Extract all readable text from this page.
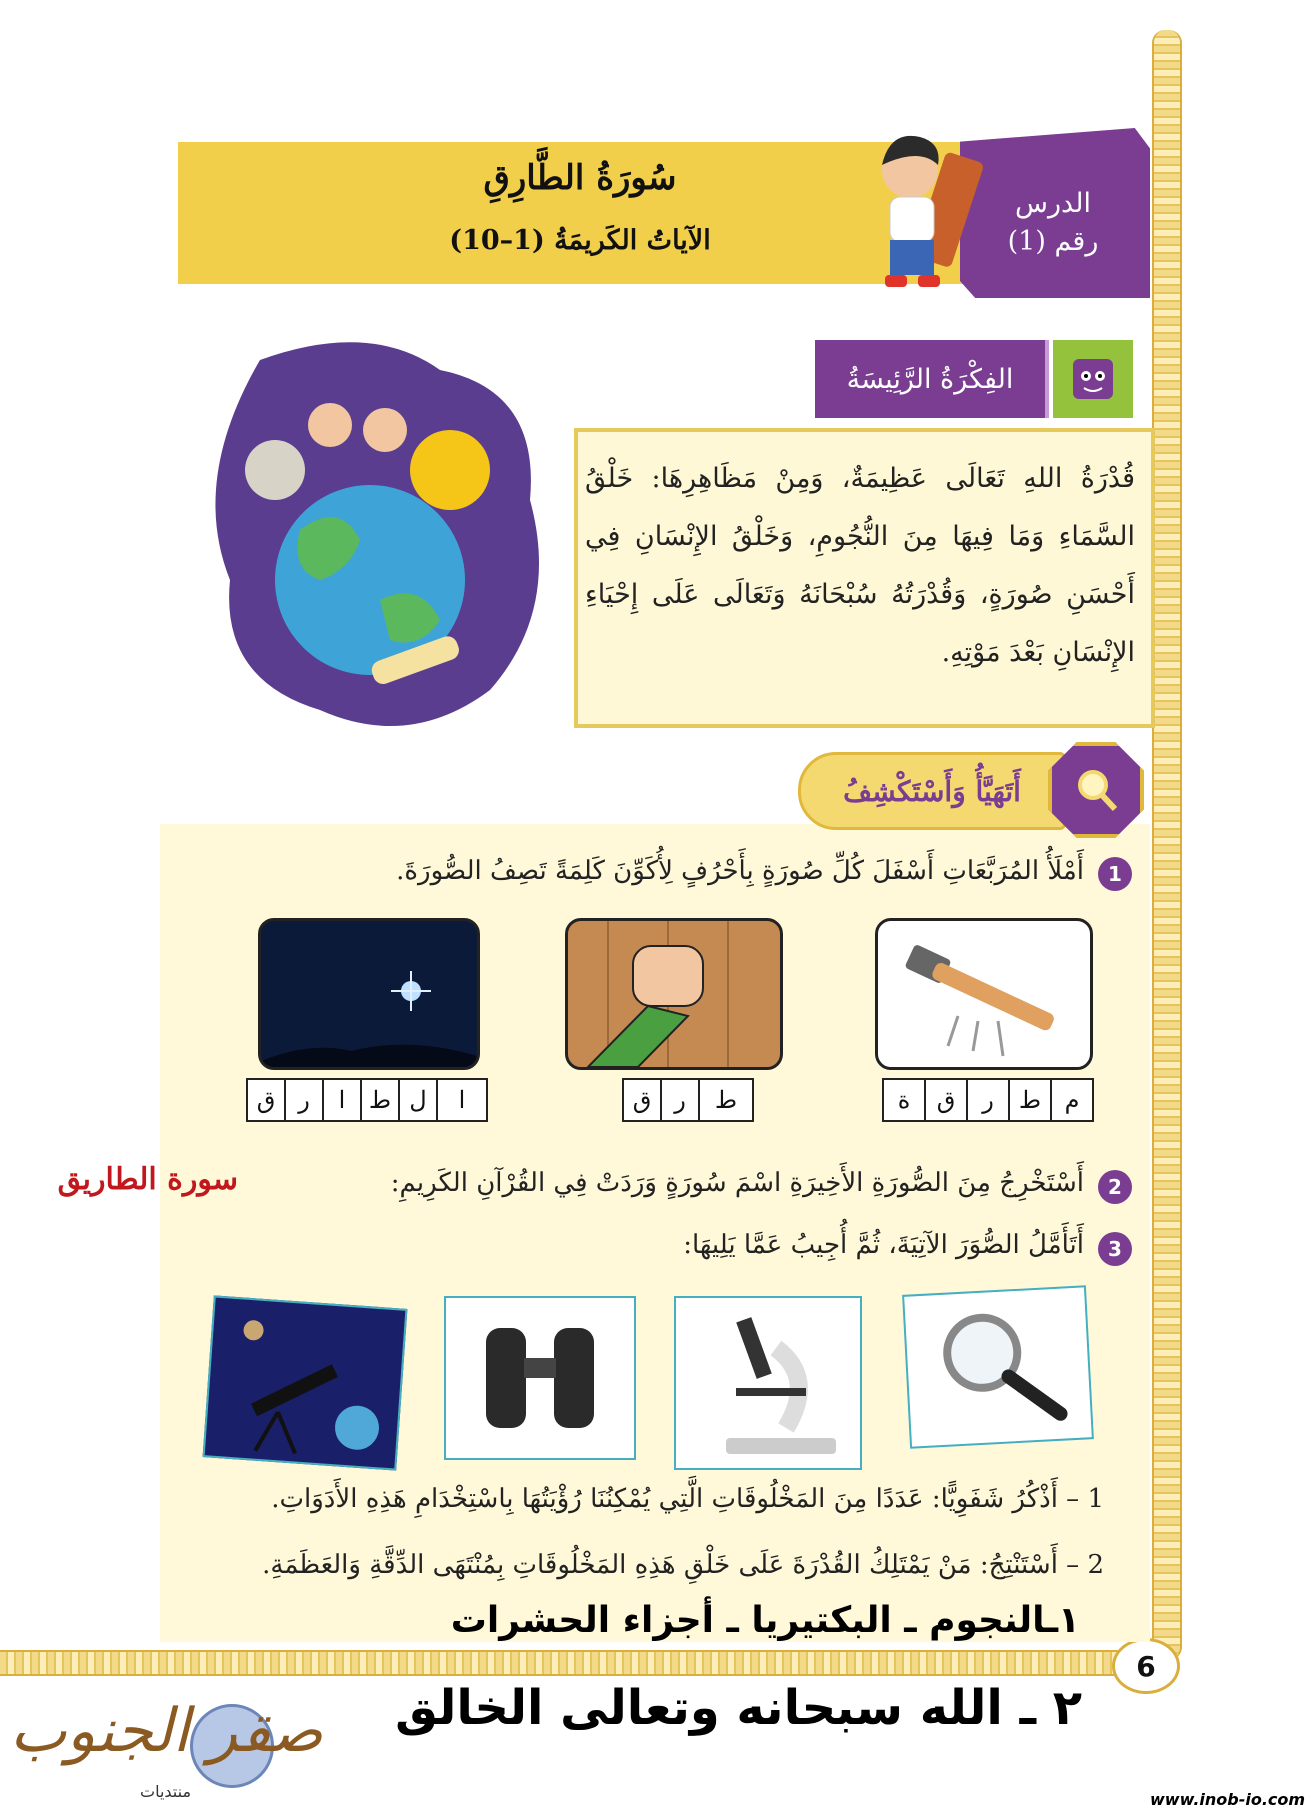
6
سُورَةُ الطَّارِقِ
الآياتُ الكَريمَةُ (1–10)
الدرس
رقم (1)
الفِكْرَةُ الرَّئِيسَةُ
قُدْرَةُ اللهِ تَعَالَى عَظِيمَةٌ، وَمِنْ مَظَاهِرِهَا: خَلْقُ السَّمَاءِ وَمَا فِيهَا مِنَ النُّجُومِ، وَخَلْقُ الإِنْسَانِ فِي أَحْسَنِ صُورَةٍ، وَقُدْرَتُهُ سُبْحَانَهُ وَتَعَالَى عَلَى إِحْيَاءِ الإِنْسَانِ بَعْدَ مَوْتِهِ.
أَتَهَيَّأُ وَأَسْتَكْشِفُ
1
أَمْلَأُ المُرَبَّعَاتِ أَسْفَلَ كُلِّ صُورَةٍ بِأَحْرُفٍ لِأُكَوِّنَ كَلِمَةً تَصِفُ الصُّورَةَ.
م
ط
ر
ق
ة
ط
ر
ق
ا
ل
ط
ا
ر
ق
2
أَسْتَخْرِجُ مِنَ الصُّورَةِ الأَخِيرَةِ اسْمَ سُورَةٍ وَرَدَتْ فِي القُرْآنِ الكَرِيمِ:
سورة الطاريق
3
أَتَأَمَّلُ الصُّوَرَ الآتِيَةَ، ثُمَّ أُجِيبُ عَمَّا يَلِيهَا:
1 – أَذْكُرُ شَفَوِيًّا: عَدَدًا مِنَ المَخْلُوقَاتِ الَّتِي يُمْكِنُنَا رُؤْيَتُهَا بِاسْتِخْدَامِ هَذِهِ الأَدَوَاتِ.
2 – أَسْتَنْتِجُ: مَنْ يَمْتَلِكُ القُدْرَةَ عَلَى خَلْقِ هَذِهِ المَخْلُوقَاتِ بِمُنْتَهَى الدِّقَّةِ وَالعَظَمَةِ.
١ـالنجوم ـ البكتيريا ـ أجزاء الحشرات
٢ ـ الله سبحانه وتعالى الخالق
صقر الجنوب
منتديات	www.inob-io.com
